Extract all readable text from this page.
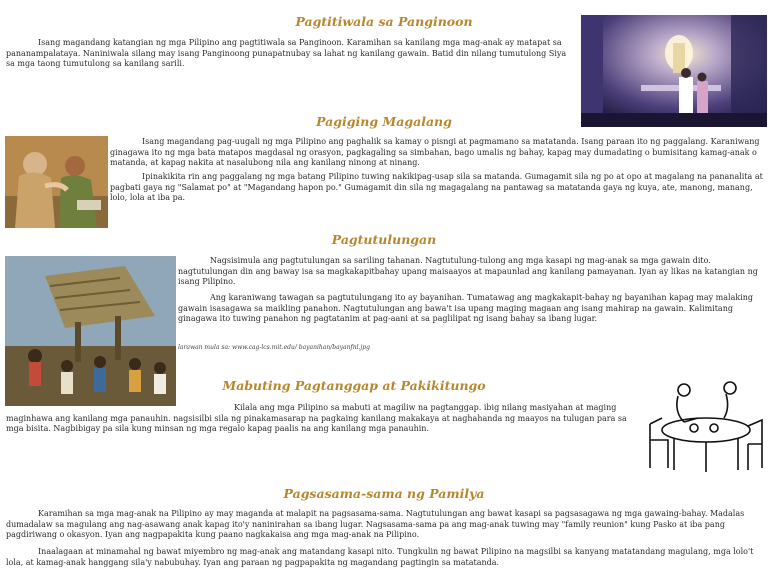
Pagtitiwala sa Panginoon

Isang magandang katangian ng mga Pilipino ang pagtitiwala sa Panginoon. Karamihan sa kanilang mga mag-anak ay matapat sa pananampalataya. Naniniwala silang may isang Panginoong punapatnubay sa lahat ng kanilang gawain. Batid din nilang tumutulong Siya sa mga taong tumutulong sa kanilang sarili.

Pagiging Magalang

Isang magandang pag-uugali ng mga Pilipino ang paghalik sa kamay o pisngi at pagmamano sa matatanda. Isang paraan ito ng paggalang. Karaniwang ginagawa ito ng mga bata matapos magdasal ng orasyon, pagkagaling sa simbahan, bago umalis ng bahay, kapag may dumadating o bumisitang kamag-anak o matanda, at kapag nakita at nasalubong nila ang kanilang ninong at ninang.

Ipinakikita rin ang paggalang ng mga batang Pilipino tuwing nakikipag-usap sila sa matanda. Gumagamit sila ng po at opo at magalang na pananalita at pagbati gaya ng "Salamat po" at "Magandang hapon po." Gumagamit din sila ng magagalang na pantawag sa matatanda gaya ng kuya, ate, manong, manang, lolo, lola at iba pa.

Pagtutulungan

Nagsisimula ang pagtutulungan sa sariling tahanan. Nagtutulung-tulong ang mga kasapi ng mag-anak sa mga gawain dito. nagtutulungan din ang baway isa sa magkakapitbahay upang maisaayos at mapaunlad ang kanilang pamayanan. Iyan ay likas na katangian ng isang Pilipino.

Ang karaniwang tawagan sa pagtutulungang ito ay bayanihan. Tumatawag ang magkakapit-bahay ng bayanihan kapag may malaking gawain isasagawa sa maikling panahon. Nagtutulungan ang bawa't isa upang maging magaan ang isang mahirap na gawain. Kalimitang ginagawa ito tuwing panahon ng pagtatanim at pag-aani at sa paglilipat ng isang bahay sa ibang lugar.

larawan mula sa: www.cag-lcs.mit.edu/ bayanihan/bayanfnl.jpg
Mabuting Pagtanggap at Pakikitungo

Kilala ang mga Pilipino sa mabuti at magiliw na pagtanggap. ibig nilang masiyahan at maging maginhawa ang kanilang mga panauhin. nagsisilbi sila ng pinakamasarap na pagkaing kanilang makakaya at naghahanda ng maayos na tulugan para sa mga bisita. Nagbibigay pa sila kung minsan ng mga regalo kapag paalis na ang kanilang mga panauhin.

Pagsasama-sama ng Pamilya

Karamihan sa mga mag-anak na Pilipino ay may maganda at malapit na pagsasama-sama. Nagtutulungan ang bawat kasapi sa pagsasagawa ng mga gawaing-bahay. Madalas dumadalaw sa magulang ang nag-asawang anak kapag ito'y naninirahan sa ibang lugar. Nagsasama-sama pa ang mag-anak tuwing may "family reunion" kung Pasko at iba pang pagdiriwang o okasyon. Iyan ang nagpapakita kung paano nagkakaisa ang mga mag-anak na Pilipino.

Inaalagaan at minamahal ng bawat miyembro ng mag-anak ang matandang kasapi nito. Tungkulin ng bawat Pilipino na magsilbi sa kanyang matatandang magulang, mga lolo't lola, at kamag-anak hanggang sila'y nabubuhay. Iyan ang paraan ng pagpapakita ng magandang pagtingin sa matatanda.
